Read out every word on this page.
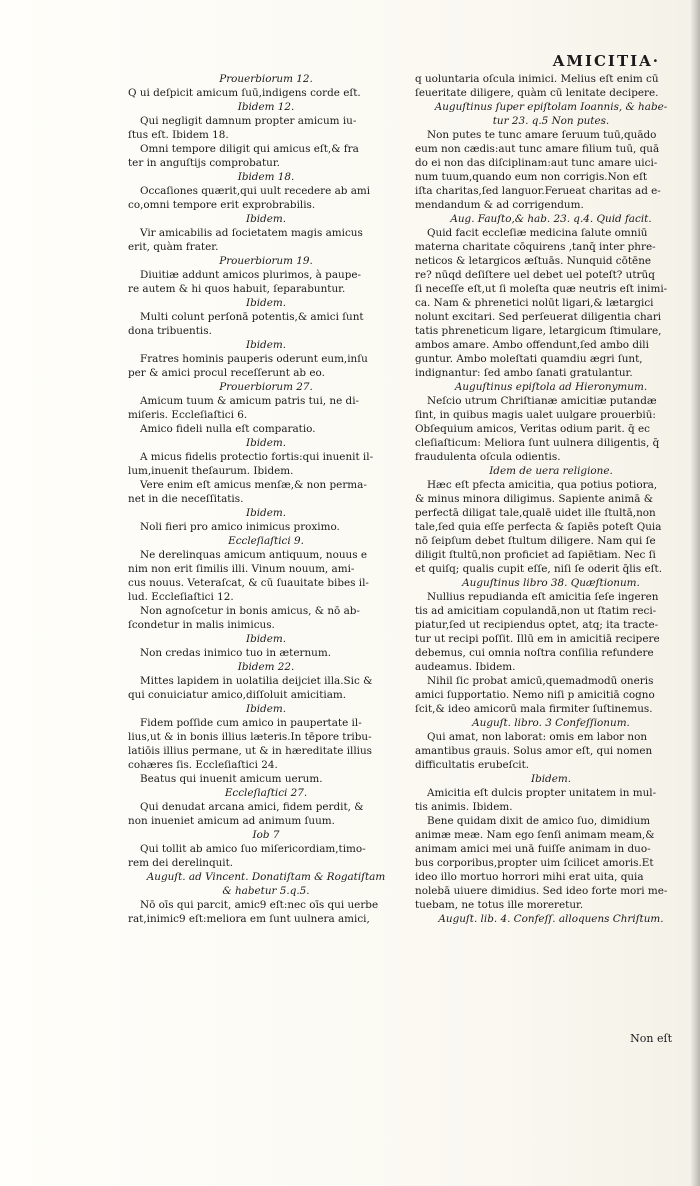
AMICITIA·
Prouerbiorum 12.
Q ui deſpicit amicum ſuū,indigens corde eſt.
Ibidem 12.
Qui negligit damnum propter amicum iu-
ſtus eſt. Ibidem 18.
Omni tempore diligit qui amicus eſt,& fra
ter in anguſtijs comprobatur.
Ibidem 18.
Occaſiones quærit,qui uult recedere ab ami
co,omni tempore erit exprobrabilis.
Ibidem.
Vir amicabilis ad ſocietatem magis amicus
erit, quàm frater.
Prouerbiorum 19.
Diuitiæ addunt amicos plurimos, à paupe-
re autem & hi quos habuit, ſeparabuntur.
Ibidem.
Multi colunt perſonā potentis,& amici ſunt
dona tribuentis.
Ibidem.
Fratres hominis pauperis oderunt eum,inſu
per & amici procul receſſerunt ab eo.
Prouerbiorum 27.
Amicum tuum & amicum patris tui, ne di-
miſeris. Eccleſiaſtici 6.
Amico fideli nulla eſt comparatio.
Ibidem.
A micus fidelis protectio fortis:qui inuenit il-
lum,inuenit theſaurum. Ibidem.
Vere enim eſt amicus menſæ,& non perma-
net in die neceſſitatis.
Ibidem.
Noli fieri pro amico inimicus proximo.
Eccleſiaſtici 9.
Ne derelinquas amicum antiquum, nouus e
nim non erit ſimilis illi. Vinum nouum, ami-
cus nouus. Veteraſcat, & cū ſuauitate bibes il-
lud. Eccleſiaſtici 12.
Non agnoſcetur in bonis amicus, & nō ab-
ſcondetur in malis inimicus.
Ibidem.
Non credas inimico tuo in æternum.
Ibidem 22.
Mittes lapidem in uolatilia deijciet illa.Sic &
qui conuiciatur amico,diſſoluit amicitiam.
Ibidem.
Fidem poſſide cum amico in paupertate il-
lius,ut & in bonis illius læteris.In tēpore tribu-
latiōis illius permane, ut & in hæreditate illius
cohæres ſis. Eccleſiaſtici 24.
Beatus qui inuenit amicum uerum.
Eccleſiaſtici 27.
Qui denudat arcana amici, fidem perdit, &
non inueniet amicum ad animum ſuum.
Iob 7
Qui tollit ab amico ſuo miſericordiam,timo-
rem dei derelinquit.
Auguſt. ad Vincent. Donatiſtam & Rogatiſtam
& habetur 5.q.5.
Nō oīs qui parcit, amic9 eſt:nec oīs qui uerbe
rat,inimic9 eſt:meliora em ſunt uulnera amici,
q uoluntaria oſcula inimici. Melius eſt enim cū
ſeueritate diligere, quàm cū lenitate decipere.
Auguſtinus ſuper epiſtolam Ioannis, & habe-
tur 23. q.5 Non putes.
Non putes te tunc amare ſeruum tuū,quādo
eum non cædis:aut tunc amare filium tuū, quā
do ei non das diſciplinam:aut tunc amare uici-
num tuum,quando eum non corrigis.Non eſt
iſta charitas,ſed languor.Ferueat charitas ad e-
mendandum & ad corrigendum.
Aug. Fauſto,& hab. 23. q.4. Quid facit.
Quid facit eccleſiæ medicina ſalute omniū
materna charitate cōquirens ,tanq̄ inter phre-
neticos & letargicos æſtuās. Nunquid cōtēne
re? nūqd deſiſtere uel debet uel poteſt? utrūq
ſi neceſſe eſt,ut ſi moleſta quæ neutris eſt inimi-
ca. Nam & phrenetici nolūt ligari,& lætargici
nolunt excitari. Sed perſeuerat diligentia chari
tatis phreneticum ligare, letargicum ſtimulare,
ambos amare. Ambo offendunt,ſed ambo dili
guntur. Ambo moleſtati quamdiu ægri ſunt,
indignantur: ſed ambo ſanati gratulantur.
Auguſtinus epiſtola ad Hieronymum.
Neſcio utrum Chriſtianæ amicitiæ putandæ
ſint, in quibus magis ualet uulgare prouerbiū:
Obſequium amicos, Veritas odium parit. q̄ ec
cleſiaſticum: Meliora ſunt uulnera diligentis, q̄
fraudulenta oſcula odientis.
Idem de uera religione.
Hæc eſt pfecta amicitia, qua potius potiora,
& minus minora diligimus. Sapiente animā &
perfectā diligat tale,qualē uidet ille ſtultā,non
tale,ſed quia eſſe perfecta & ſapiēs poteſt Quia
nō ſeipſum debet ſtultum diligere. Nam qui ſe
diligit ſtultū,non proficiet ad ſapiētiam. Nec ſi
et quiſq; qualis cupit eſſe, niſi ſe oderit q̄lis eſt.
Auguſtinus libro 38. Quæſtionum.
Nullius repudianda eſt amicitia ſeſe ingeren
tis ad amicitiam copulandā,non ut ſtatim reci-
piatur,ſed ut recipiendus optet, atq; ita tracte-
tur ut recipi poſſit. Illū em in amicitiā recipere
debemus, cui omnia noſtra conſilia refundere
audeamus. Ibidem.
Nihil ſic probat amicū,quemadmodū oneris
amici ſupportatio. Nemo niſi p amicitiā cogno
ſcit,& ideo amicorū mala firmiter ſuſtinemus.
Auguſt. libro. 3 Confeſſionum.
Qui amat, non laborat: omis em labor non
amantibus grauis. Solus amor eſt, qui nomen
difficultatis erubeſcit.
Ibidem.
Amicitia eſt dulcis propter unitatem in mul-
tis animis. Ibidem.
Bene quidam dixit de amico ſuo, dimidium
animæ meæ. Nam ego ſenſi animam meam,&
animam amici mei unā fuiſſe animam in duo-
bus corporibus,propter uim ſcilicet amoris.Et
ideo illo mortuo horrori mihi erat uita, quia
nolebā uiuere dimidius. Sed ideo forte mori me-
tuebam, ne totus ille moreretur.
Auguſt. lib. 4. Confeſſ. alloquens Chriſtum.
Non eſt
